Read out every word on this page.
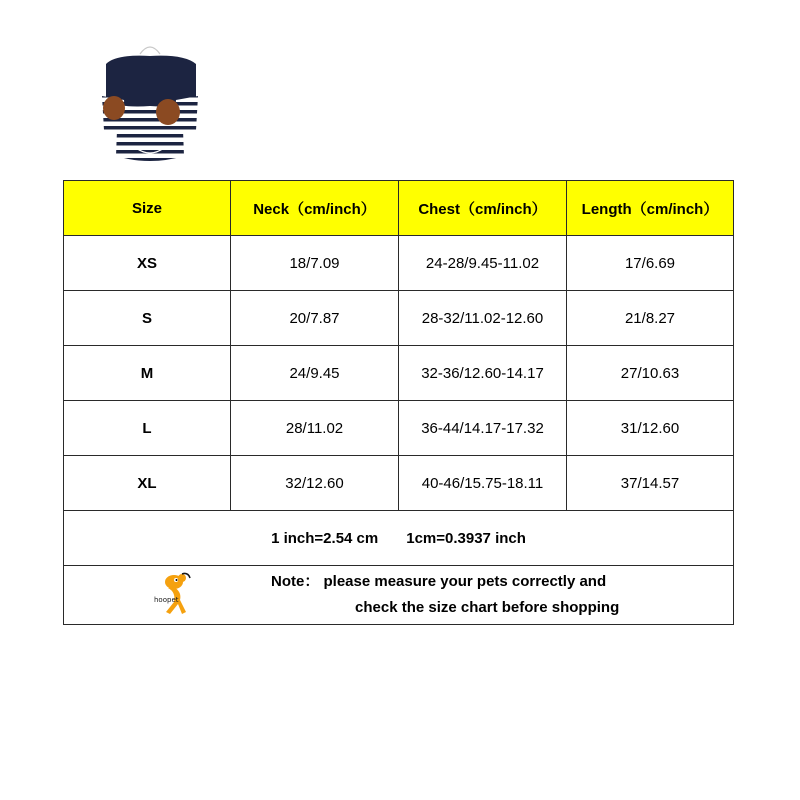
Size	Neck（cm/inch）	Chest（cm/inch）	Length（cm/inch）
XS	18/7.09	24-28/9.45-11.02	17/6.69
S	20/7.87	28-32/11.02-12.60	21/8.27
M	24/9.45	32-36/12.60-14.17	27/10.63
L	28/11.02	36-44/14.17-17.32	31/12.60
XL	32/12.60	40-46/15.75-18.11	37/14.57
1 inch=2.54 cm 1cm=0.3937 inch			

hoopet
Note： please measure your pets correctly and
check the size chart before shopping			
